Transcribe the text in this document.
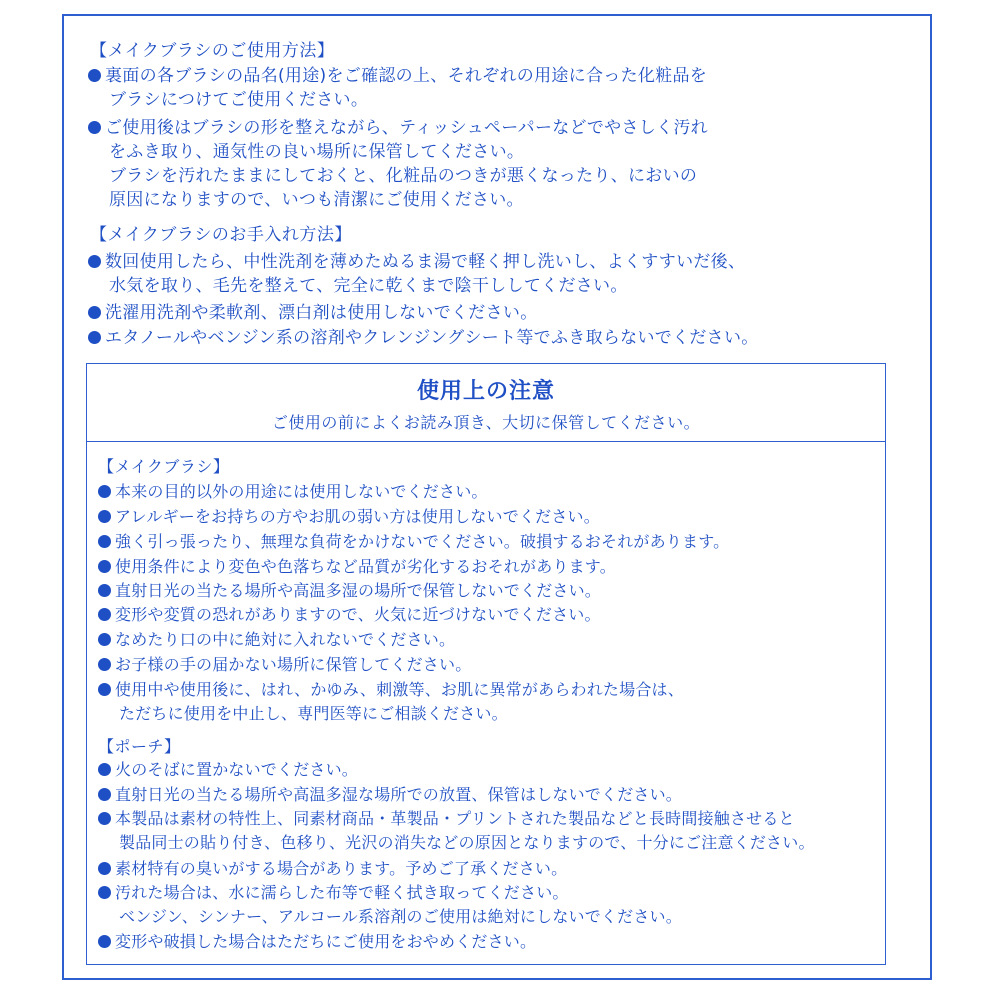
【メイクブラシのご使用方法】
裏面の各ブラシの品名(用途)をご確認の上、それぞれの用途に合った化粧品を
ブラシにつけてご使用ください。
ご使用後はブラシの形を整えながら、ティッシュペーパーなどでやさしく汚れ
をふき取り、通気性の良い場所に保管してください。
ブラシを汚れたままにしておくと、化粧品のつきが悪くなったり、においの
原因になりますので、いつも清潔にご使用ください。
【メイクブラシのお手入れ方法】
数回使用したら、中性洗剤を薄めたぬるま湯で軽く押し洗いし、よくすすいだ後、
水気を取り、毛先を整えて、完全に乾くまで陰干ししてください。
洗濯用洗剤や柔軟剤、漂白剤は使用しないでください。
エタノールやベンジン系の溶剤やクレンジングシート等でふき取らないでください。
使用上の注意
ご使用の前によくお読み頂き、大切に保管してください。
【メイクブラシ】
本来の目的以外の用途には使用しないでください。
アレルギーをお持ちの方やお肌の弱い方は使用しないでください。
強く引っ張ったり、無理な負荷をかけないでください。破損するおそれがあります。
使用条件により変色や色落ちなど品質が劣化するおそれがあります。
直射日光の当たる場所や高温多湿の場所で保管しないでください。
変形や変質の恐れがありますので、火気に近づけないでください。
なめたり口の中に絶対に入れないでください。
お子様の手の届かない場所に保管してください。
使用中や使用後に、はれ、かゆみ、刺激等、お肌に異常があらわれた場合は、
ただちに使用を中止し、専門医等にご相談ください。
【ポーチ】
火のそばに置かないでください。
直射日光の当たる場所や高温多湿な場所での放置、保管はしないでください。
本製品は素材の特性上、同素材商品・革製品・プリントされた製品などと長時間接触させると
製品同士の貼り付き、色移り、光沢の消失などの原因となりますので、十分にご注意ください。
素材特有の臭いがする場合があります。予めご了承ください。
汚れた場合は、水に濡らした布等で軽く拭き取ってください。
ベンジン、シンナー、アルコール系溶剤のご使用は絶対にしないでください。
変形や破損した場合はただちにご使用をおやめください。
